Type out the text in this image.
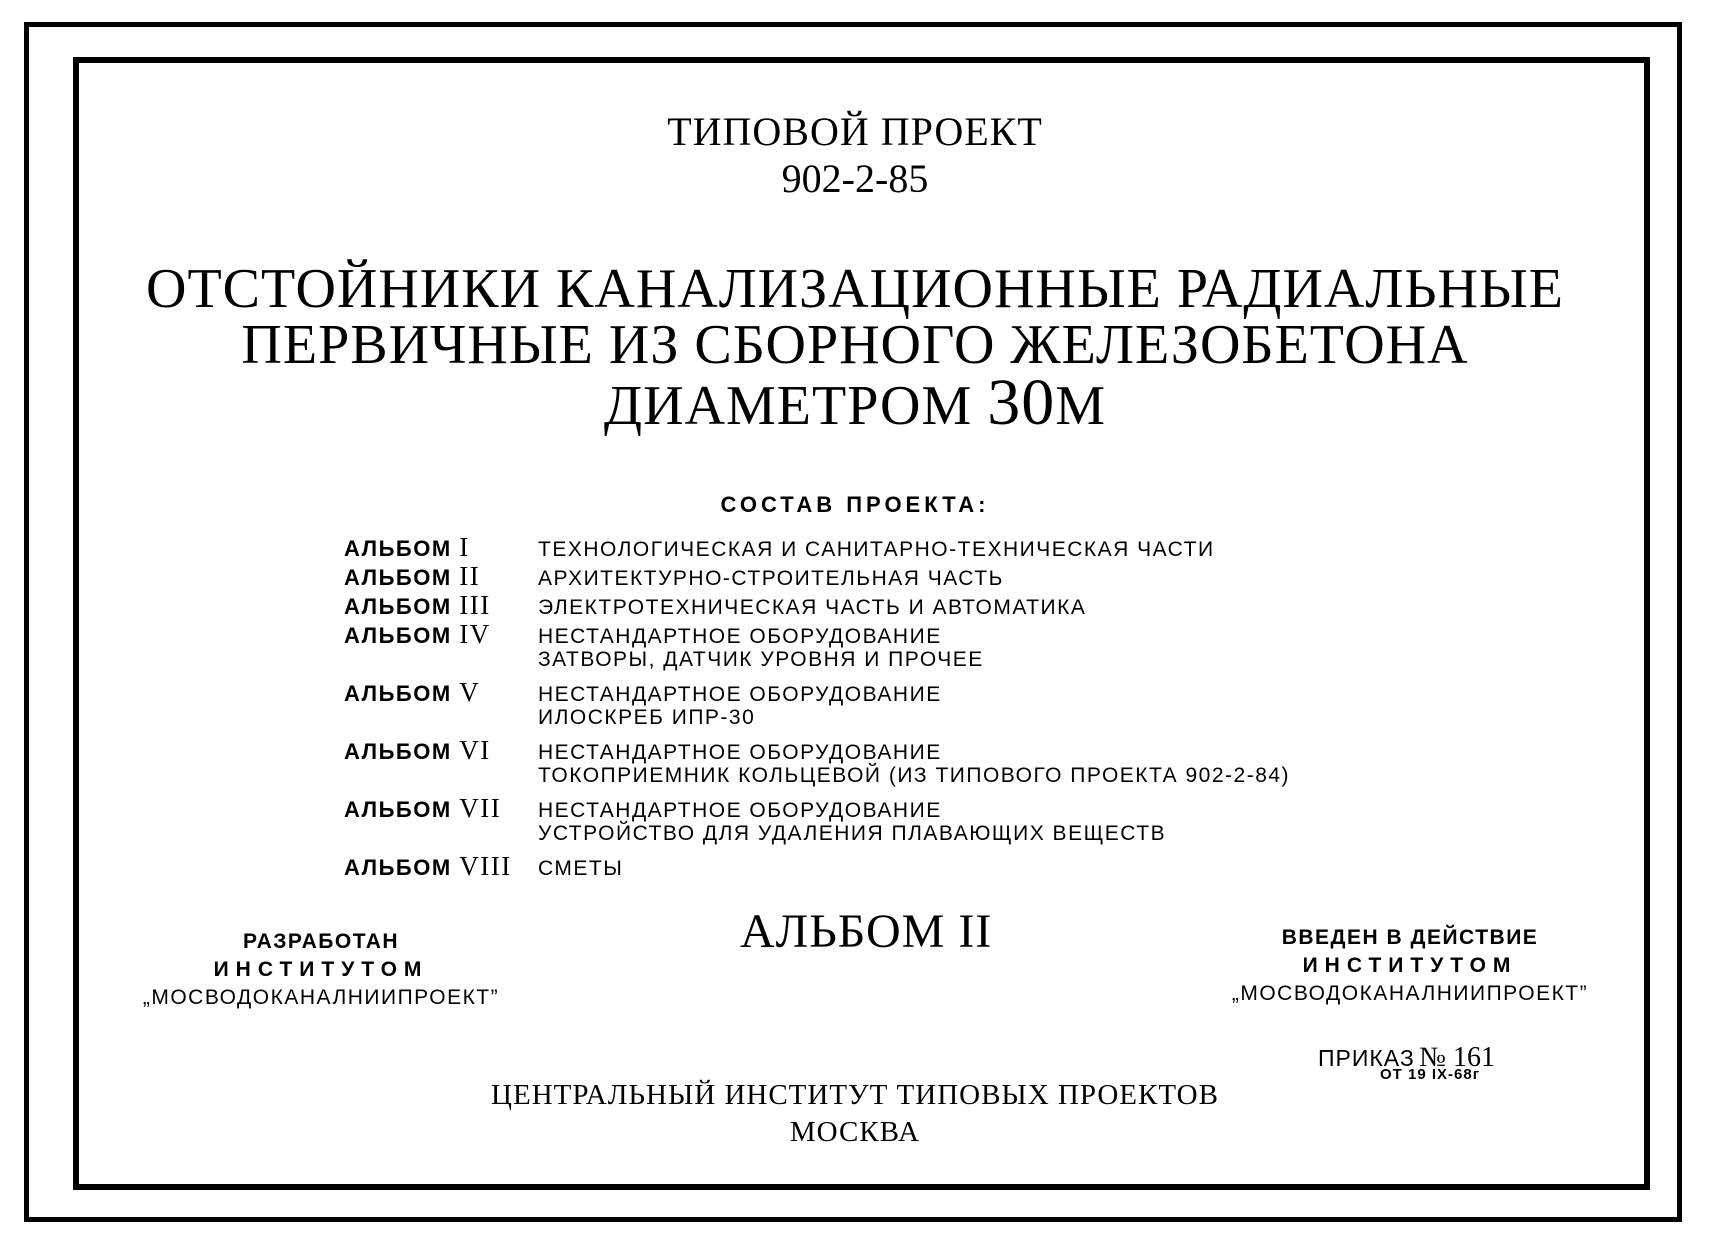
ТИПОВОЙ ПРОЕКТ
902-2-85
ОТСТОЙНИКИ КАНАЛИЗАЦИОННЫЕ РАДИАЛЬНЫЕ
ПЕРВИЧНЫЕ ИЗ СБОРНОГО ЖЕЛЕЗОБЕТОНА
ДИАМЕТРОМ 30М
СОСТАВ ПРОЕКТА:
АЛЬБОМ I	ТЕХНОЛОГИЧЕСКАЯ И САНИТАРНО-ТЕХНИЧЕСКАЯ ЧАСТИ
АЛЬБОМ II	АРХИТЕКТУРНО-СТРОИТЕЛЬНАЯ ЧАСТЬ
АЛЬБОМ III	ЭЛЕКТРОТЕХНИЧЕСКАЯ ЧАСТЬ И АВТОМАТИКА
АЛЬБОМ IV	НЕСТАНДАРТНОЕ ОБОРУДОВАНИЕ
ЗАТВОРЫ, ДАТЧИК УРОВНЯ И ПРОЧЕЕ
АЛЬБОМ V	НЕСТАНДАРТНОЕ ОБОРУДОВАНИЕ
ИЛОСКРЕБ ИПР-30
АЛЬБОМ VI	НЕСТАНДАРТНОЕ ОБОРУДОВАНИЕ
ТОКОПРИЕМНИК КОЛЬЦЕВОЙ (ИЗ ТИПОВОГО ПРОЕКТА 902-2-84)
АЛЬБОМ VII	НЕСТАНДАРТНОЕ ОБОРУДОВАНИЕ
УСТРОЙСТВО ДЛЯ УДАЛЕНИЯ ПЛАВАЮЩИХ ВЕЩЕСТВ
АЛЬБОМ VIII	СМЕТЫ
АЛЬБОМ II
РАЗРАБОТАН
ИНСТИТУТОМ
„МОСВОДОКАНАЛНИИПРОЕКТ”
ВВЕДЕН В ДЕЙСТВИЕ
ИНСТИТУТОМ
„МОСВОДОКАНАЛНИИПРОЕКТ”
ПРИКАЗ № 161
ОТ 19 IX-68г
ЦЕНТРАЛЬНЫЙ ИНСТИТУТ ТИПОВЫХ ПРОЕКТОВ
МОСКВА
